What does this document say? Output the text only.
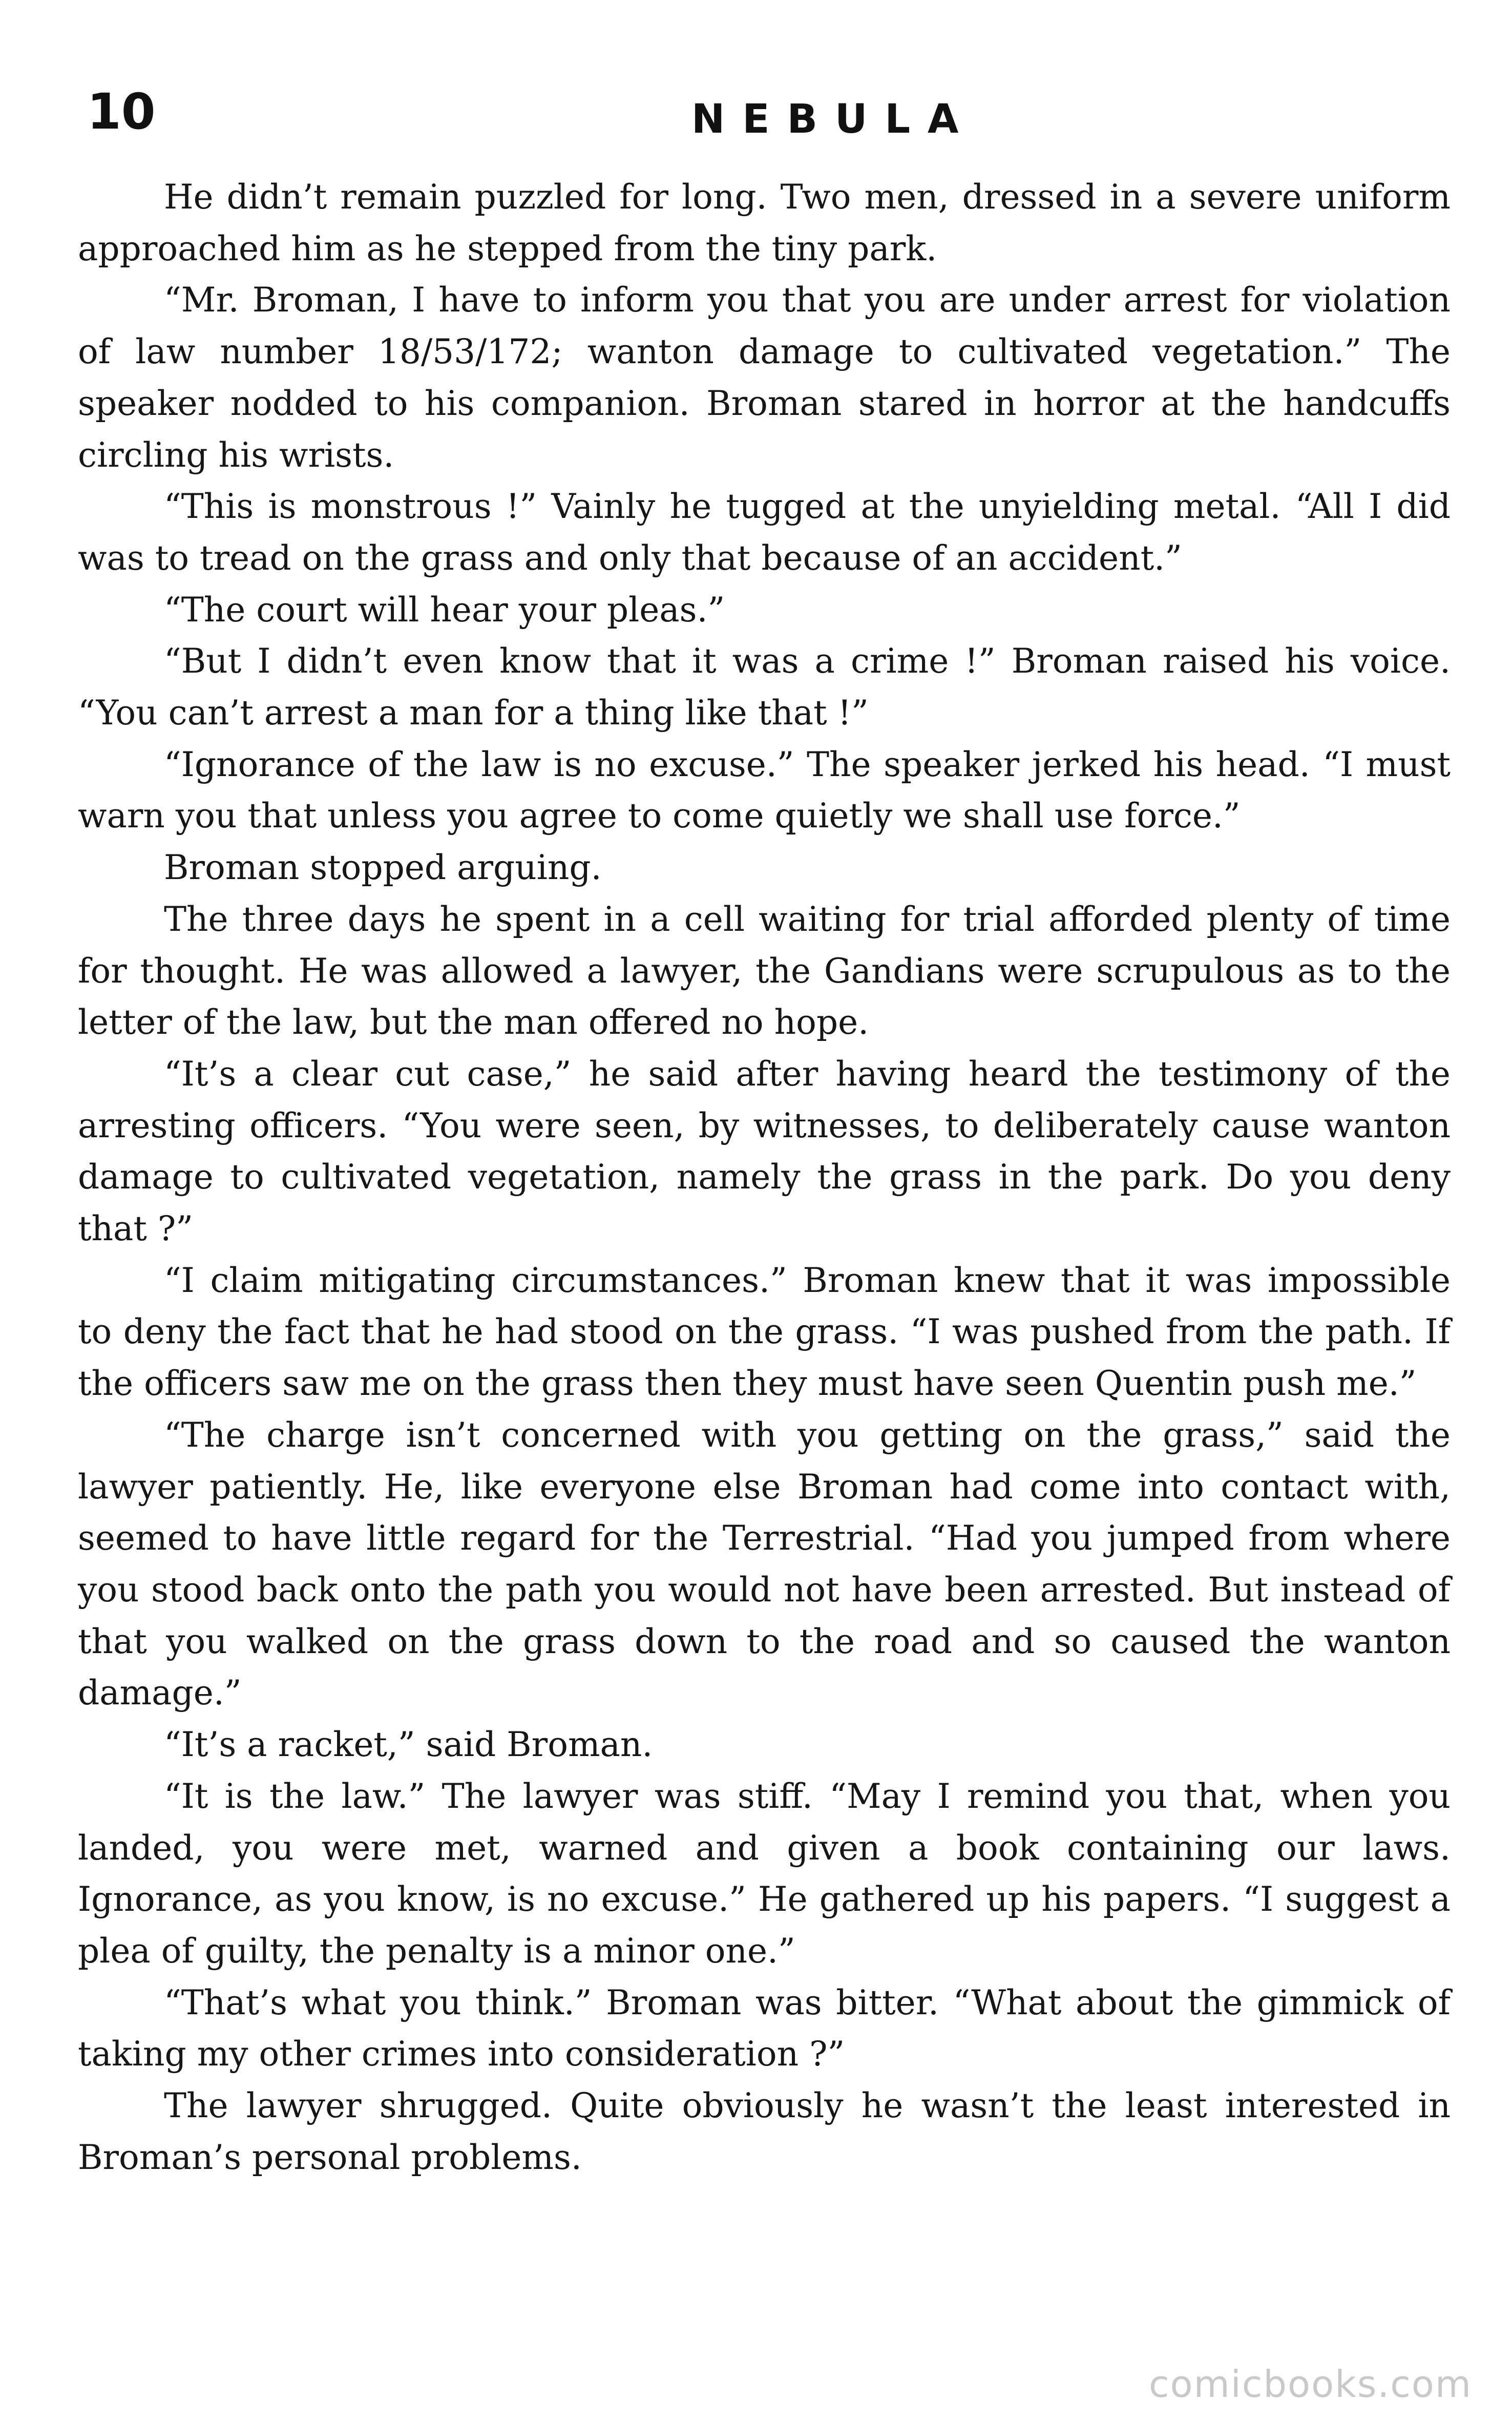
10	NEBULA

He didn’t remain puzzled for long. Two men, dressed in a severe uniform approached him as he stepped from the tiny park.

“Mr. Broman, I have to inform you that you are under arrest for violation of law number 18/53/172; wanton damage to cultivated vegetation.” The speaker nodded to his companion. Broman stared in horror at the handcuffs circling his wrists.

“This is monstrous !” Vainly he tugged at the unyielding metal. “All I did was to tread on the grass and only that because of an accident.”

“The court will hear your pleas.”

“But I didn’t even know that it was a crime !” Broman raised his voice. “You can’t arrest a man for a thing like that !”

“Ignorance of the law is no excuse.” The speaker jerked his head. “I must warn you that unless you agree to come quietly we shall use force.”

Broman stopped arguing.

The three days he spent in a cell waiting for trial afforded plenty of time for thought. He was allowed a lawyer, the Gandians were scrupulous as to the letter of the law, but the man offered no hope.

“It’s a clear cut case,” he said after having heard the testimony of the arresting officers. “You were seen, by witnesses, to deliberately cause wanton damage to cultivated vegetation, namely the grass in the park. Do you deny that ?”

“I claim mitigating circumstances.” Broman knew that it was impossible to deny the fact that he had stood on the grass. “I was pushed from the path. If the officers saw me on the grass then they must have seen Quentin push me.”

“The charge isn’t concerned with you getting on the grass,” said the lawyer patiently. He, like everyone else Broman had come into contact with, seemed to have little regard for the Terrestrial. “Had you jumped from where you stood back onto the path you would not have been arrested. But instead of that you walked on the grass down to the road and so caused the wanton damage.”

“It’s a racket,” said Broman.

“It is the law.” The lawyer was stiff. “May I remind you that, when you landed, you were met, warned and given a book containing our laws. Ignorance, as you know, is no excuse.” He gathered up his papers. “I suggest a plea of guilty, the penalty is a minor one.”

“That’s what you think.” Broman was bitter. “What about the gimmick of taking my other crimes into consideration ?”

The lawyer shrugged. Quite obviously he wasn’t the least interested in Broman’s personal problems.

comicbooks.com
